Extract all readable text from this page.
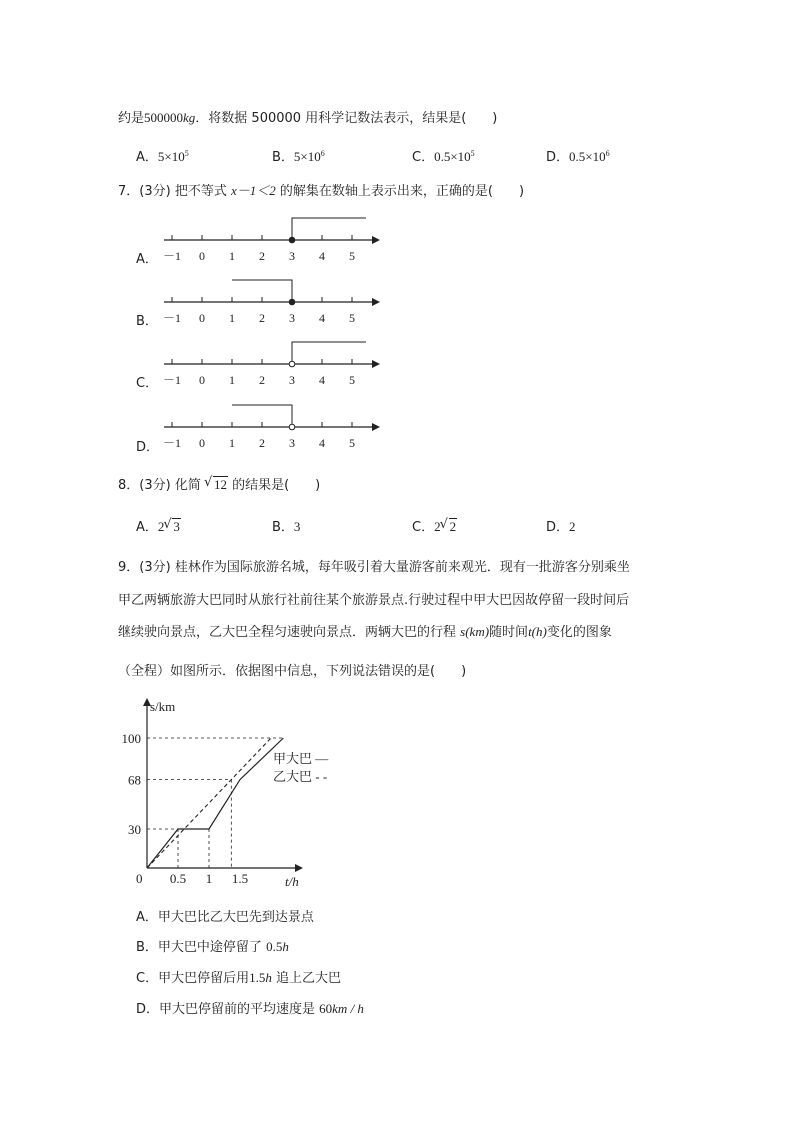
约是500000kg．将数据 500000 用科学记数法表示，结果是(　　)
A．$5\times 10^5$	B．$5\times 10^6$	C．$0.5\times 10^5$	D．$0.5\times 10^6$
7．(3分) 把不等式 x－1＜2 的解集在数轴上表示出来，正确的是(　　)
A．
B．
C．
D．
－1 0 1 2 3 4 5
－1 0 1 2 3 4 5
－1 0 1 2 3 4 5
－1 0 1 2 3 4 5
8．(3分) 化简 √ 12 的结果是(　　)
A．2 √ 3	B．3	C．2 √ 2	D．2
9．(3分) 桂林作为国际旅游名城，每年吸引着大量游客前来观光．现有一批游客分别乘坐
甲乙两辆旅游大巴同时从旅行社前往某个旅游景点.行驶过程中甲大巴因故停留一段时间后
继续驶向景点，乙大巴全程匀速驶向景点．两辆大巴的行程 s(km)随时间t(h)变化的图象
（全程）如图所示．依据图中信息，下列说法错误的是(　　)
s/km
t/h
0
30
68
100
0.5 1 1.5
甲大巴 —
乙大巴 - -
A．甲大巴比乙大巴先到达景点
B．甲大巴中途停留了 0.5h
C．甲大巴停留后用1.5h 追上乙大巴
D．甲大巴停留前的平均速度是 60km / h
